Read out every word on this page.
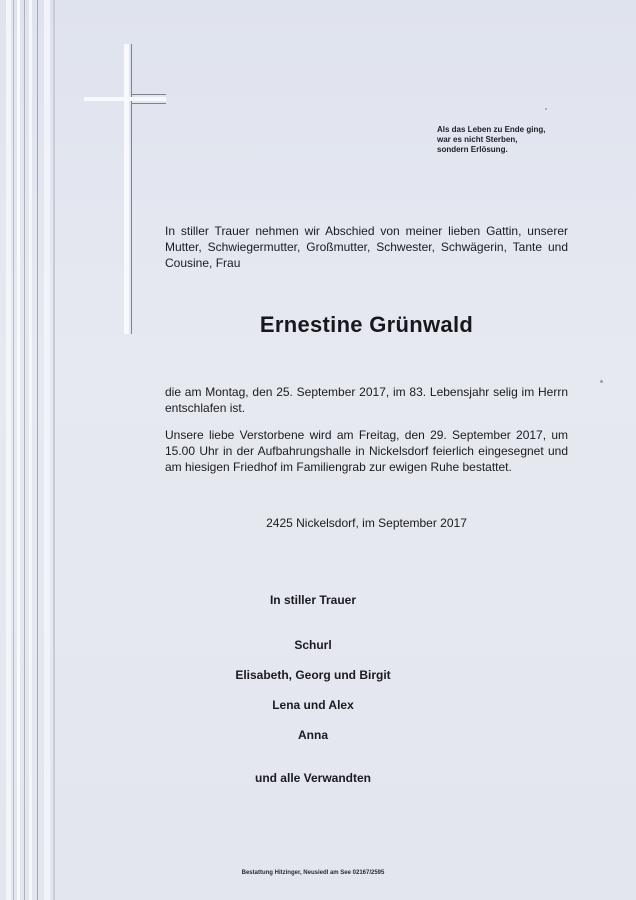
Als das Leben zu Ende ging,
war es nicht Sterben,
sondern Erlösung.
In stiller Trauer nehmen wir Abschied von meiner lieben Gattin, unserer Mutter, Schwiegermutter, Großmutter, Schwester, Schwägerin, Tante und Cousine, Frau
Ernestine Grünwald
die am Montag, den 25. September 2017, im 83. Lebensjahr selig im Herrn entschlafen ist.
Unsere liebe Verstorbene wird am Freitag, den 29. September 2017, um 15.00 Uhr in der Aufbahrungshalle in Nickelsdorf feierlich eingesegnet und am hiesigen Friedhof im Familiengrab zur ewigen Ruhe bestattet.
2425 Nickelsdorf, im September 2017
In stiller Trauer
Schurl
Elisabeth, Georg und Birgit
Lena und Alex
Anna
und alle Verwandten
Bestattung Hitzinger, Neusiedl am See 02167/2595
